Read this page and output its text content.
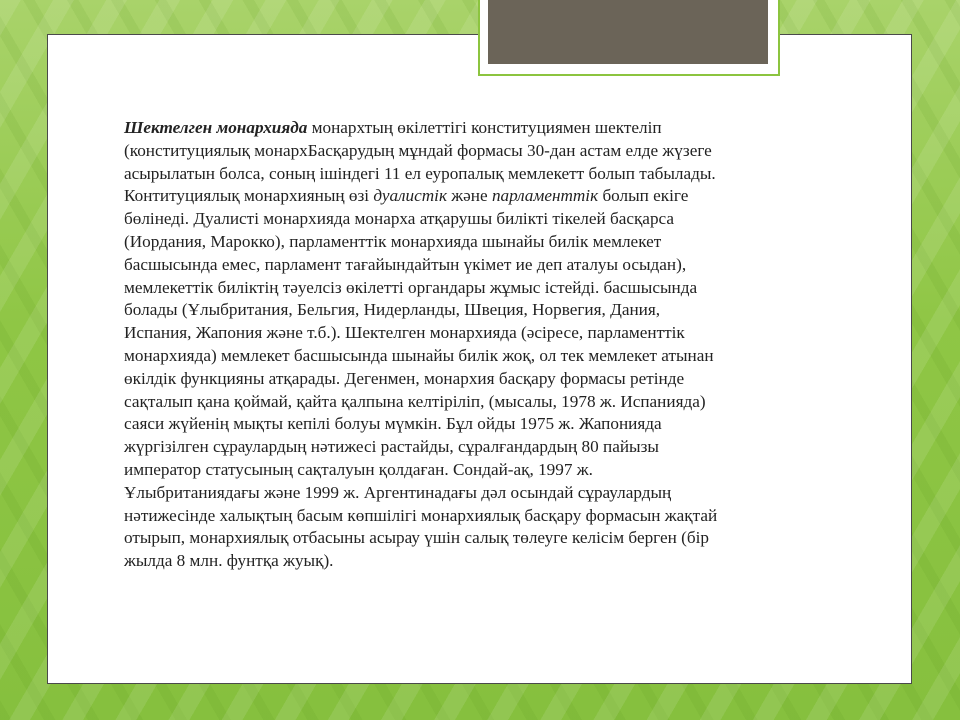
Шектелген монархияда монархтың өкілеттігі конституциямен шектеліп
(конституциялық монархБасқарудың мұндай формасы 30-дан астам елде жүзеге
асырылатын болса, соның ішіндегі 11 ел еуропалық мемлекетт болып табылады.
Контитуциялық монархияның өзі дуалистік және парламенттік болып екіге
бөлінеді. Дуалисті монархияда монарха атқарушы билікті тікелей басқарса
(Иордания, Марокко), парламенттік монархияда шынайы билік мемлекет
басшысында емес, парламент тағайындайтын үкімет ие деп аталуы осыдан),
мемлекеттік биліктің тәуелсіз өкілетті органдары жұмыс істейді. басшысында
болады (Ұлыбритания, Бельгия, Нидерланды, Швеция, Норвегия, Дания,
Испания, Жапония және т.б.). Шектелген монархияда (әсіресе, парламенттік
монархияда) мемлекет басшысында шынайы билік жоқ, ол тек мемлекет атынан
өкілдік функцияны атқарады. Дегенмен, монархия басқару формасы ретінде
сақталып қана қоймай, қайта қалпына келтіріліп, (мысалы, 1978 ж. Испанияда)
саяси жүйенің мықты кепілі болуы мүмкін. Бұл ойды 1975 ж. Жапонияда
жүргізілген сұраулардың нәтижесі растайды, сұралғандардың 80 пайызы
император статусының сақталуын қолдаған. Сондай-ақ, 1997 ж.
Ұлыбританиядағы және 1999 ж. Аргентинадағы дәл осындай сұраулардың
нәтижесінде халықтың басым көпшілігі монархиялық басқару формасын жақтай
отырып, монархиялық отбасыны асырау үшін салық төлеуге келісім берген (бір
жылда 8 млн. фунтқа жуық).
